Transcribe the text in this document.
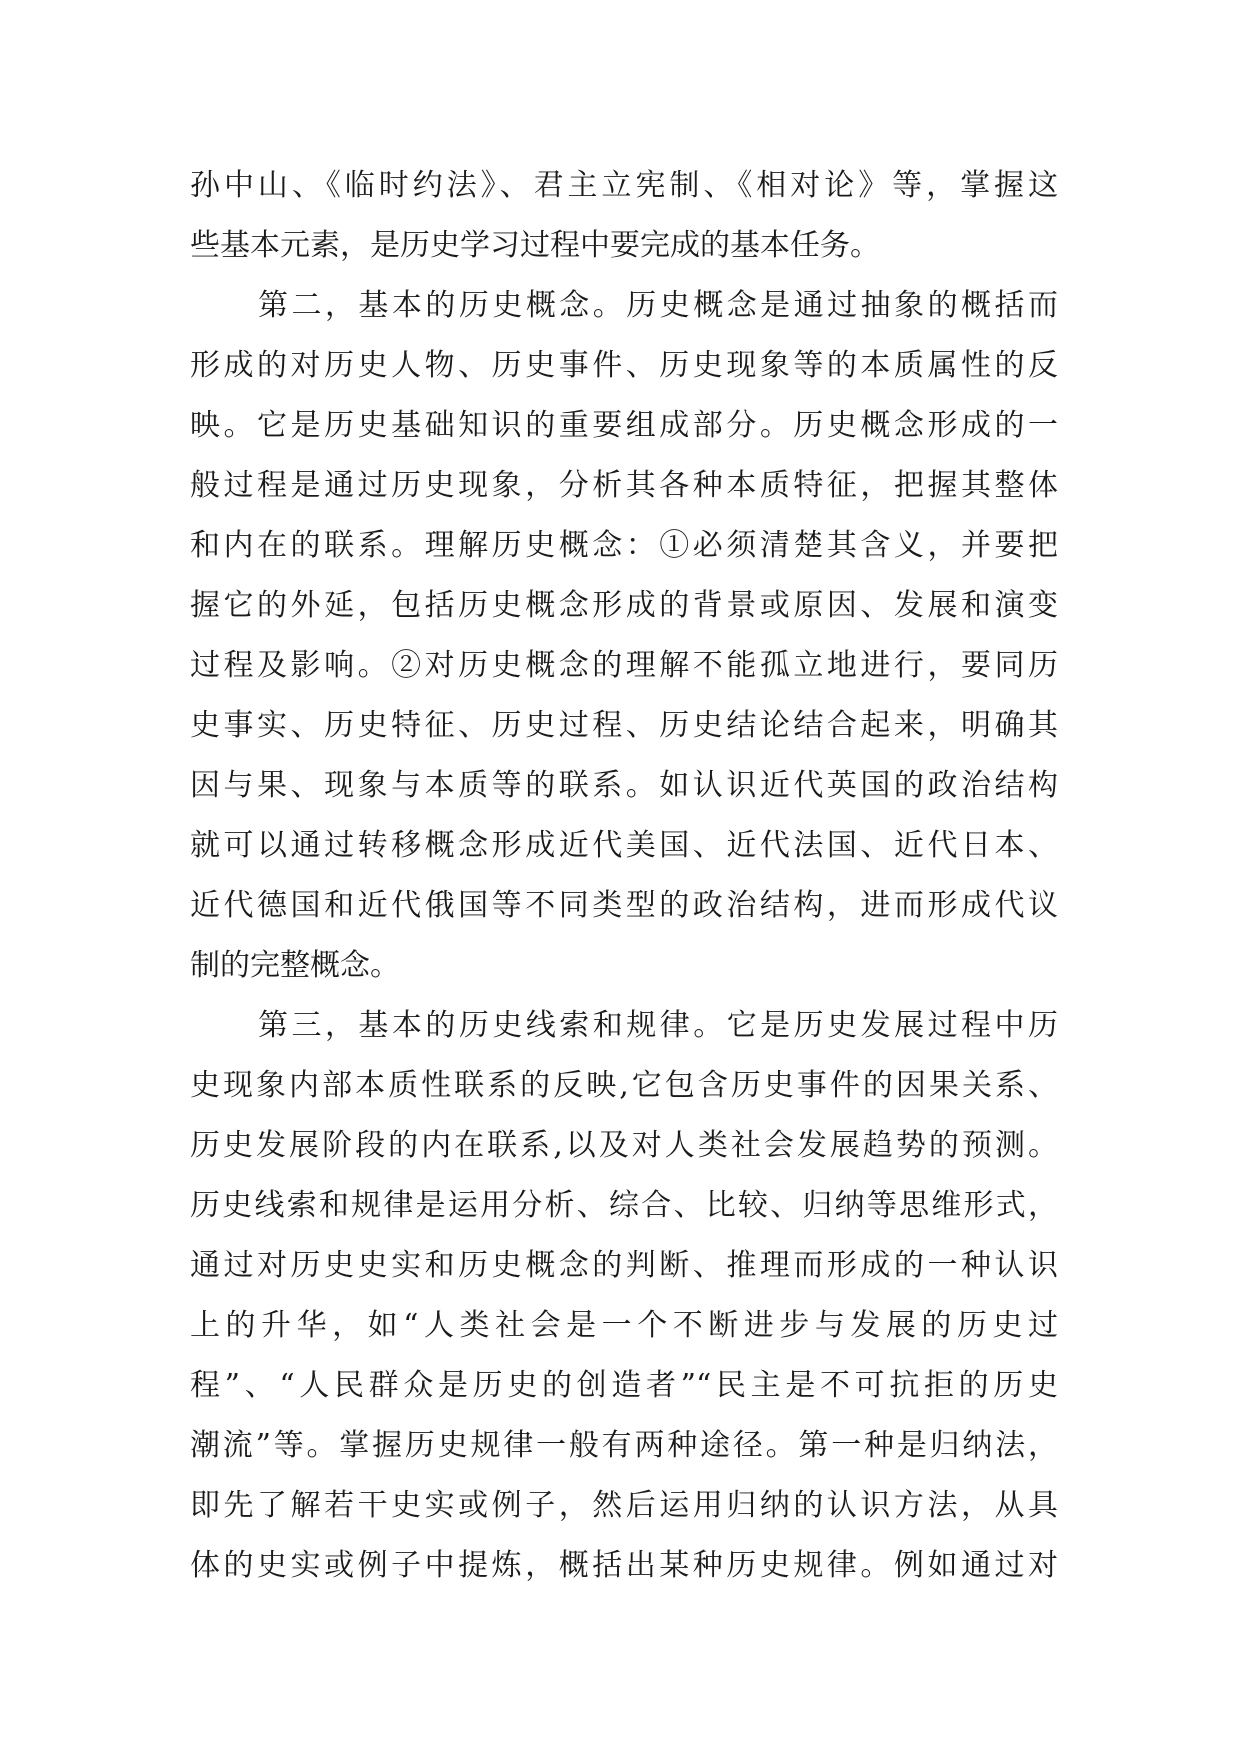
孙中山、《临时约法》、君主立宪制、《相对论》等，掌握这
些基本元素，是历史学习过程中要完成的基本任务。
第二，基本的历史概念。历史概念是通过抽象的概括而
形成的对历史人物、历史事件、历史现象等的本质属性的反
映。它是历史基础知识的重要组成部分。历史概念形成的一
般过程是通过历史现象，分析其各种本质特征，把握其整体
和内在的联系。理解历史概念：①必须清楚其含义，并要把
握它的外延，包括历史概念形成的背景或原因、发展和演变
过程及影响。②对历史概念的理解不能孤立地进行，要同历
史事实、历史特征、历史过程、历史结论结合起来，明确其
因与果、现象与本质等的联系。如认识近代英国的政治结构
就可以通过转移概念形成近代美国、近代法国、近代日本、
近代德国和近代俄国等不同类型的政治结构，进而形成代议
制的完整概念。
第三，基本的历史线索和规律。它是历史发展过程中历
史现象内部本质性联系的反映,它包含历史事件的因果关系、
历史发展阶段的内在联系,以及对人类社会发展趋势的预测。
历史线索和规律是运用分析、综合、比较、归纳等思维形式，
通过对历史史实和历史概念的判断、推理而形成的一种认识
上的升华，如“人类社会是一个不断进步与发展的历史过
程”、“人民群众是历史的创造者”“民主是不可抗拒的历史
潮流”等。掌握历史规律一般有两种途径。第一种是归纳法，
即先了解若干史实或例子，然后运用归纳的认识方法，从具
体的史实或例子中提炼，概括出某种历史规律。例如通过对
